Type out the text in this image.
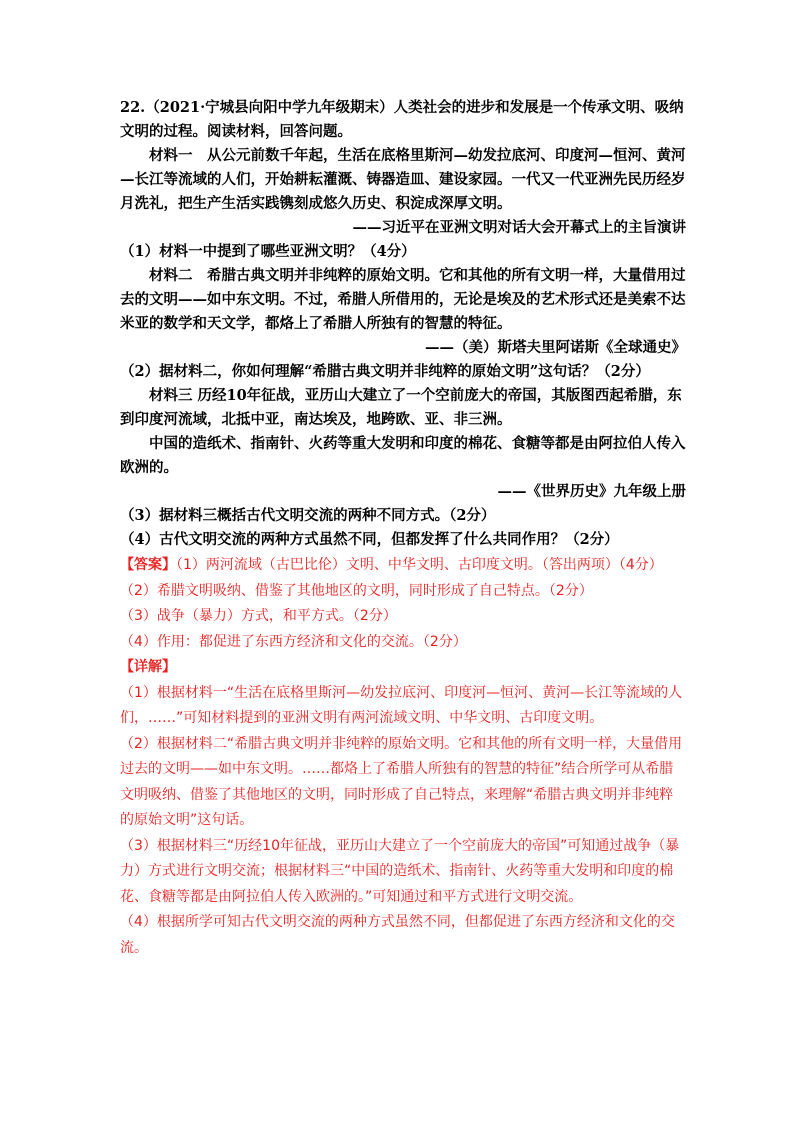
22.（2021·宁城县向阳中学九年级期末）人类社会的进步和发展是一个传承文明、吸纳文明的过程。阅读材料，回答问题。

材料一　从公元前数千年起，生活在底格里斯河—幼发拉底河、印度河—恒河、黄河—长江等流域的人们，开始耕耘灌溉、铸器造皿、建设家园。一代又一代亚洲先民历经岁月洗礼，把生产生活实践镌刻成悠久历史、积淀成深厚文明。

——习近平在亚洲文明对话大会开幕式上的主旨演讲

（1）材料一中提到了哪些亚洲文明？（4分）

材料二　希腊古典文明并非纯粹的原始文明。它和其他的所有文明一样，大量借用过去的文明——如中东文明。不过，希腊人所借用的，无论是埃及的艺术形式还是美索不达米亚的数学和天文学，都烙上了希腊人所独有的智慧的特征。

——（美）斯塔夫里阿诺斯《全球通史》

（2）据材料二，你如何理解“希腊古典文明并非纯粹的原始文明”这句话？（2分）

材料三 历经10年征战，亚历山大建立了一个空前庞大的帝国，其版图西起希腊，东到印度河流域，北抵中亚，南达埃及，地跨欧、亚、非三洲。

中国的造纸术、指南针、火药等重大发明和印度的棉花、食糖等都是由阿拉伯人传入欧洲的。

——《世界历史》九年级上册

（3）据材料三概括古代文明交流的两种不同方式。（2分）

（4）古代文明交流的两种方式虽然不同，但都发挥了什么共同作用？（2分）

【答案】（1）两河流域（古巴比伦）文明、中华文明、古印度文明。（答出两项）（4分）

（2）希腊文明吸纳、借鉴了其他地区的文明，同时形成了自己特点。（2分）

（3）战争（暴力）方式，和平方式。（2分）

（4）作用：都促进了东西方经济和文化的交流。（2分）

【详解】

（1）根据材料一“生活在底格里斯河—幼发拉底河、印度河—恒河、黄河—长江等流域的人们，……”可知材料提到的亚洲文明有两河流域文明、中华文明、古印度文明。

（2）根据材料二“希腊古典文明并非纯粹的原始文明。它和其他的所有文明一样，大量借用过去的文明——如中东文明。……都烙上了希腊人所独有的智慧的特征”结合所学可从希腊文明吸纳、借鉴了其他地区的文明，同时形成了自己特点，来理解“希腊古典文明并非纯粹的原始文明”这句话。

（3）根据材料三“历经10年征战，亚历山大建立了一个空前庞大的帝国”可知通过战争（暴力）方式进行文明交流；根据材料三“中国的造纸术、指南针、火药等重大发明和印度的棉花、食糖等都是由阿拉伯人传入欧洲的。”可知通过和平方式进行文明交流。

（4）根据所学可知古代文明交流的两种方式虽然不同，但都促进了东西方经济和文化的交流。
